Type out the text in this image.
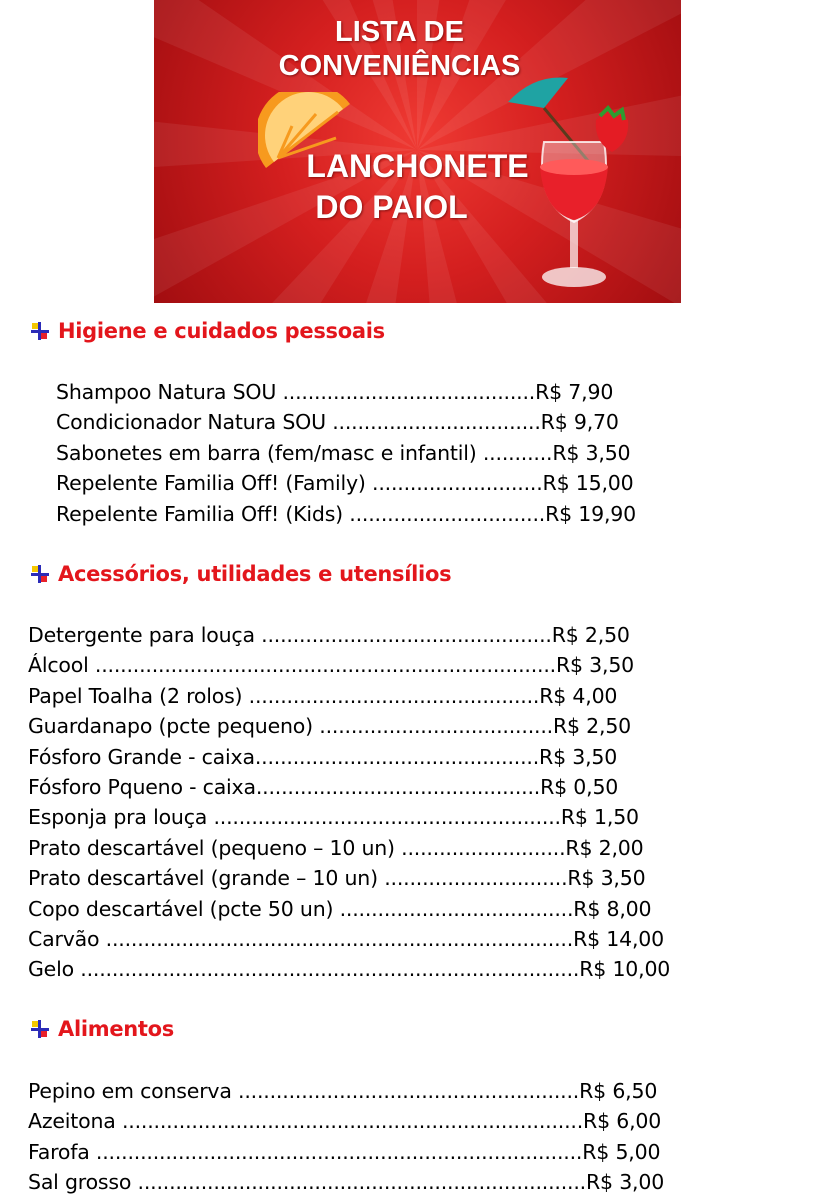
LISTA DE
CONVENIÊNCIAS
LANCHONETE
DO PAIOL
Higiene e cuidados pessoais
Shampoo Natura SOU ........................................R$ 7,90
Condicionador Natura SOU .................................R$ 9,70
Sabonetes em barra (fem/masc e infantil) ...........R$ 3,50
Repelente Familia Off! (Family) ...........................R$ 15,00
Repelente Familia Off! (Kids) ...............................R$ 19,90
Acessórios, utilidades e utensílios
Detergente para louça ..............................................R$ 2,50
Álcool .........................................................................R$ 3,50
Papel Toalha (2 rolos) ..............................................R$ 4,00
Guardanapo (pcte pequeno) .....................................R$ 2,50
Fósforo Grande - caixa.............................................R$ 3,50
Fósforo Pqueno - caixa.............................................R$ 0,50
Esponja pra louça .......................................................R$ 1,50
Prato descartável (pequeno – 10 un) ..........................R$ 2,00
Prato descartável (grande – 10 un) .............................R$ 3,50
Copo descartável (pcte 50 un) .....................................R$ 8,00
Carvão ..........................................................................R$ 14,00
Gelo ...............................................................................R$ 10,00
Alimentos
Pepino em conserva ......................................................R$ 6,50
Azeitona .........................................................................R$ 6,00
Farofa .............................................................................R$ 5,00
Sal grosso .......................................................................R$ 3,00
